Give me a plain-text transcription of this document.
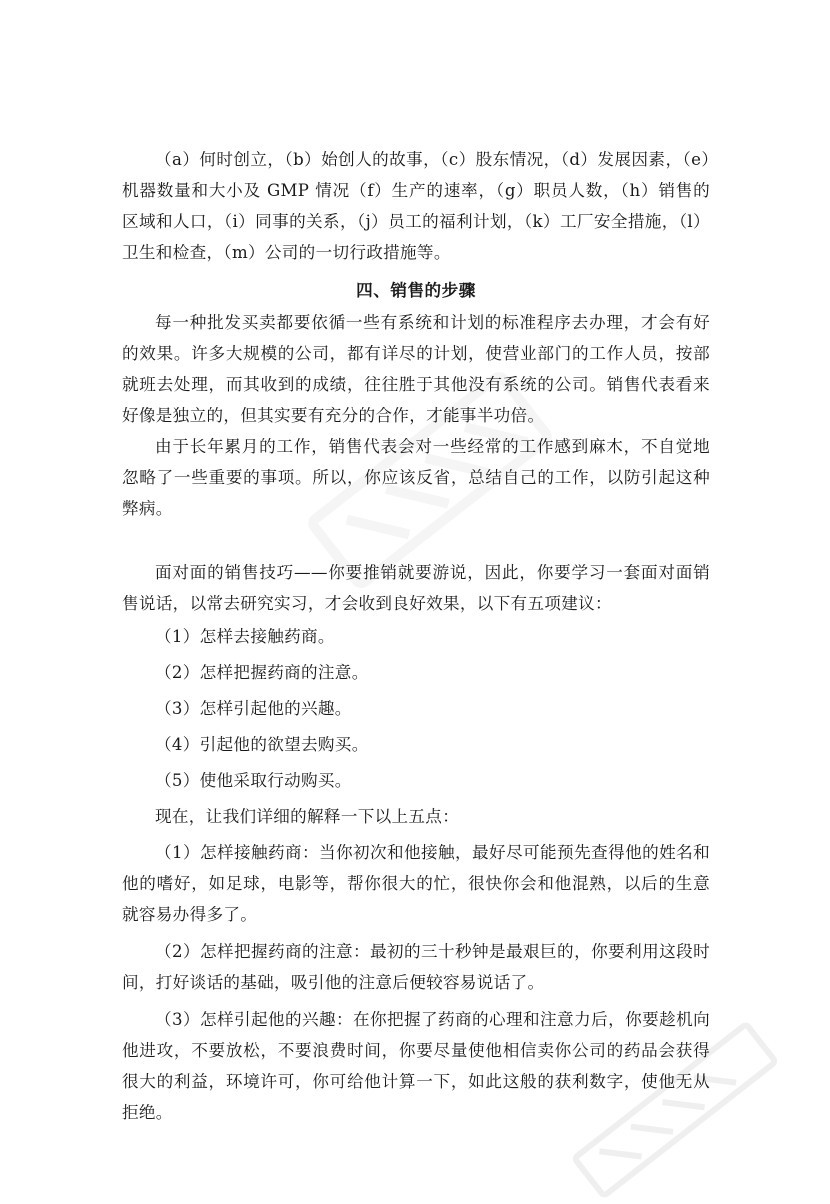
（a）何时创立，（b）始创人的故事，（c）股东情况，（d）发展因素，（e）机器数量和大小及 GMP 情况（f）生产的速率，（g）职员人数，（h）销售的区域和人口，（i）同事的关系，（j）员工的福利计划，（k）工厂安全措施，（l）卫生和检查，（m）公司的一切行政措施等。

四、销售的步骤

每一种批发买卖都要依循一些有系统和计划的标准程序去办理，才会有好的效果。许多大规模的公司，都有详尽的计划，使营业部门的工作人员，按部就班去处理，而其收到的成绩，往往胜于其他没有系统的公司。销售代表看来好像是独立的，但其实要有充分的合作，才能事半功倍。

由于长年累月的工作，销售代表会对一些经常的工作感到麻木，不自觉地忽略了一些重要的事项。所以，你应该反省，总结自己的工作，以防引起这种弊病。

面对面的销售技巧——你要推销就要游说，因此，你要学习一套面对面销售说话，以常去研究实习，才会收到良好效果，以下有五项建议：

（1）怎样去接触药商。

（2）怎样把握药商的注意。

（3）怎样引起他的兴趣。

（4）引起他的欲望去购买。

（5）使他采取行动购买。

现在，让我们详细的解释一下以上五点：

（1）怎样接触药商：当你初次和他接触，最好尽可能预先查得他的姓名和他的嗜好，如足球，电影等，帮你很大的忙，很快你会和他混熟，以后的生意就容易办得多了。

（2）怎样把握药商的注意：最初的三十秒钟是最艰巨的，你要利用这段时间，打好谈话的基础，吸引他的注意后便较容易说话了。

（3）怎样引起他的兴趣：在你把握了药商的心理和注意力后，你要趁机向他进攻，不要放松，不要浪费时间，你要尽量使他相信卖你公司的药品会获得很大的利益，环境许可，你可给他计算一下，如此这般的获利数字，使他无从拒绝。
